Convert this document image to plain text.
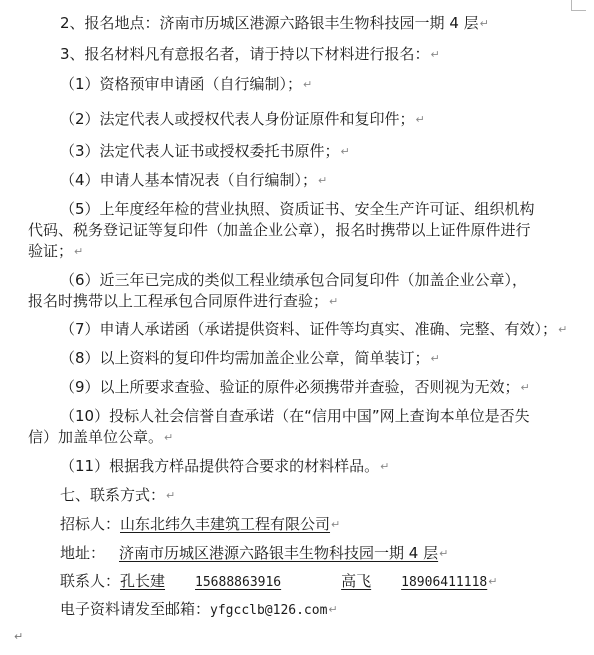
2、报名地点：济南市历城区港源六路银丰生物科技园一期 4 层↵
3、报名材料凡有意报名者，请于持以下材料进行报名：↵
（1）资格预审申请函（自行编制）；↵
（2）法定代表人或授权代表人身份证原件和复印件；↵
（3）法定代表人证书或授权委托书原件；↵
（4）申请人基本情况表（自行编制）；↵
（5）上年度经年检的营业执照、资质证书、安全生产许可证、组织机构
代码、税务登记证等复印件（加盖企业公章），报名时携带以上证件原件进行
验证；↵
（6）近三年已完成的类似工程业绩承包合同复印件（加盖企业公章），
报名时携带以上工程承包合同原件进行查验；↵
（7）申请人承诺函（承诺提供资料、证件等均真实、准确、完整、有效）；↵
（8）以上资料的复印件均需加盖企业公章，简单装订；↵
（9）以上所要求查验、验证的原件必须携带并查验，否则视为无效；↵
（10）投标人社会信誉自查承诺（在“信用中国”网上查询本单位是否失
信）加盖单位公章。↵
（11）根据我方样品提供符合要求的材料样品。↵
七、联系方式：↵
招标人：山东北纬久丰建筑工程有限公司↵
地址： 济南市历城区港源六路银丰生物科技园一期 4 层↵
联系人：孔长建 15688863916	高飞 18906411118↵
电子资料请发至邮箱：yfgcclb@126.com↵
↵
